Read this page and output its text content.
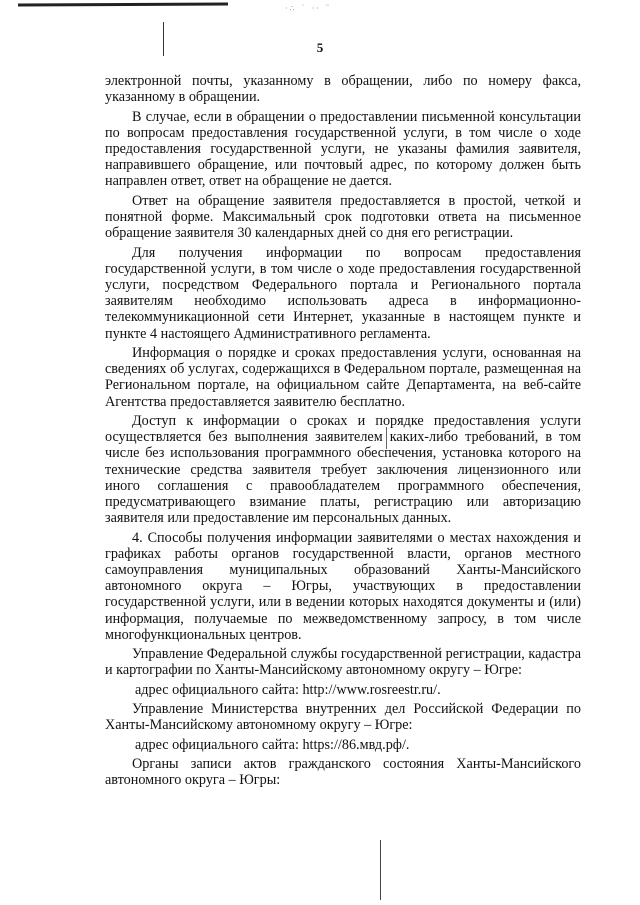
·∴ ˙ ·· ¨
5

электронной почты, указанному в обращении, либо по номеру факса, указанному в обращении.

В случае, если в обращении о предоставлении письменной консультации по вопросам предоставления государственной услуги, в том числе о ходе предоставления государственной услуги, не указаны фамилия заявителя, направившего обращение, или почтовый адрес, по которому должен быть направлен ответ, ответ на обращение не дается.

Ответ на обращение заявителя предоставляется в простой, четкой и понятной форме. Максимальный срок подготовки ответа на письменное обращение заявителя 30 календарных дней со дня его регистрации.

Для получения информации по вопросам предоставления государственной услуги, в том числе о ходе предоставления государственной услуги, посредством Федерального портала и Регионального портала заявителям необходимо использовать адреса в информационно-телекоммуникационной сети Интернет, указанные в настоящем пункте и пункте 4 настоящего Административного регламента.

Информация о порядке и сроках предоставления услуги, основанная на сведениях об услугах, содержащихся в Федеральном портале, размещенная на Региональном портале, на официальном сайте Департамента, на веб-сайте Агентства предоставляется заявителю бесплатно.

Доступ к информации о сроках и порядке предоставления услуги осуществляется без выполнения заявителем каких-либо требований, в том числе без использования программного обеспечения, установка которого на технические средства заявителя требует заключения лицензионного или иного соглашения с правообладателем программного обеспечения, предусматривающего взимание платы, регистрацию или авторизацию заявителя или предоставление им персональных данных.

4. Способы получения информации заявителями о местах нахождения и графиках работы органов государственной власти, органов местного самоуправления муниципальных образований Ханты-Мансийского автономного округа – Югры, участвующих в предоставлении государственной услуги, или в ведении которых находятся документы и (или) информация, получаемые по межведомственному запросу, в том числе многофункциональных центров.

Управление Федеральной службы государственной регистрации, кадастра и картографии по Ханты-Мансийскому автономному округу – Югре:

адрес официального сайта: http://www.rosreestr.ru/.

Управление Министерства внутренних дел Российской Федерации по Ханты-Мансийскому автономному округу – Югре:

адрес официального сайта: https://86.мвд.рф/.

Органы записи актов гражданского состояния Ханты-Мансийского автономного округа – Югры:
